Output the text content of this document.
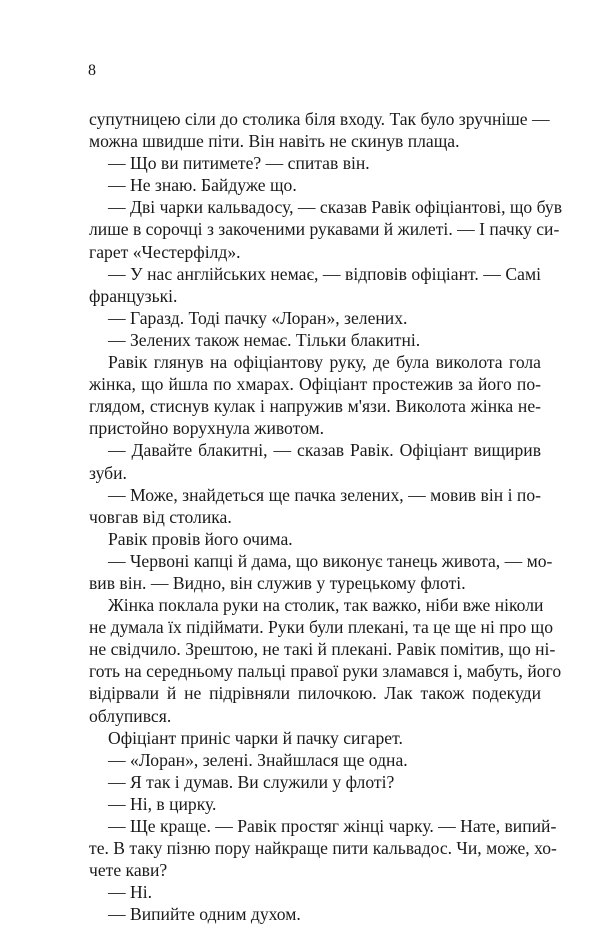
8
супутницею сіли до столика біля входу. Так було зручніше —
можна швидше піти. Він навіть не скинув плаща.
— Що ви питимете? — спитав він.
— Не знаю. Байдуже що.
— Дві чарки кальвадосу, — сказав Равік офіціантові, що був
лише в сорочці з закоченими рукавами й жилеті. — І пачку си-
гарет «Честерфілд».
— У нас англійських немає, — відповів офіціант. — Самі
французькі.
— Гаразд. Тоді пачку «Лоран», зелених.
— Зелених також немає. Тільки блакитні.
Равік глянув на офіціантову руку, де була виколота гола
жінка, що йшла по хмарах. Офіціант простежив за його по-
глядом, стиснув кулак і напружив м'язи. Виколота жінка не-
пристойно ворухнула животом.
— Давайте блакитні, — сказав Равік. Офіціант вищирив
зуби.
— Може, знайдеться ще пачка зелених, — мовив він і по-
човгав від столика.
Равік провів його очима.
— Червоні капці й дама, що виконує танець живота, — мо-
вив він. — Видно, він служив у турецькому флоті.
Жінка поклала руки на столик, так важко, ніби вже ніколи
не думала їх підіймати. Руки були плекані, та це ще ні про що
не свідчило. Зрештою, не такі й плекані. Равік помітив, що ні-
готь на середньому пальці правої руки зламався і, мабуть, його
відірвали й не підрівняли пилочкою. Лак також подекуди
облупився.
Офіціант приніс чарки й пачку сигарет.
— «Лоран», зелені. Знайшлася ще одна.
— Я так і думав. Ви служили у флоті?
— Ні, в цирку.
— Ще краще. — Равік простяг жінці чарку. — Нате, випий-
те. В таку пізню пору найкраще пити кальвадос. Чи, може, хо-
чете кави?
— Ні.
— Випийте одним духом.
